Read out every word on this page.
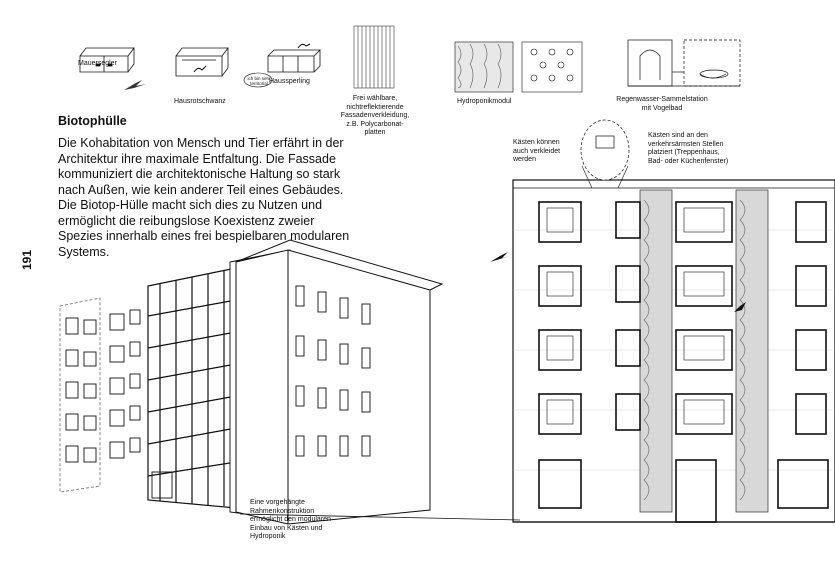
Mauersegler
Hausrotschwanz
ich bin sehr territorial Haussperling
Frei wählbare,
nichtreflektierende
Fassadenverkleidung,
z.B. Polycarbonat-
platten
Hydroponikmodul	Regenwasser-Sammelstation
mit Vogelbad
Biotophülle
Die Kohabitation von Mensch und Tier erfährt in der Architektur ihre maximale Entfaltung. Die Fassade kommuniziert die architektonische Haltung so stark nach Außen, wie kein anderer Teil eines Gebäudes. Die Biotop-Hülle macht sich dies zu Nutzen und ermöglicht die reibungslose Koexistenz zweier Spezies innerhalb eines frei bespielbaren modularen Systems.
191
Eine vorgehängte
Rahmenkonstruktion
ermöglicht den modularen
Einbau von Kästen und
Hydroponik
Kästen können
auch verkleidet
werden
Kästen sind an den
verkehrsärmsten Stellen
platziert (Treppenhaus,
Bad- oder Küchenfenster)
